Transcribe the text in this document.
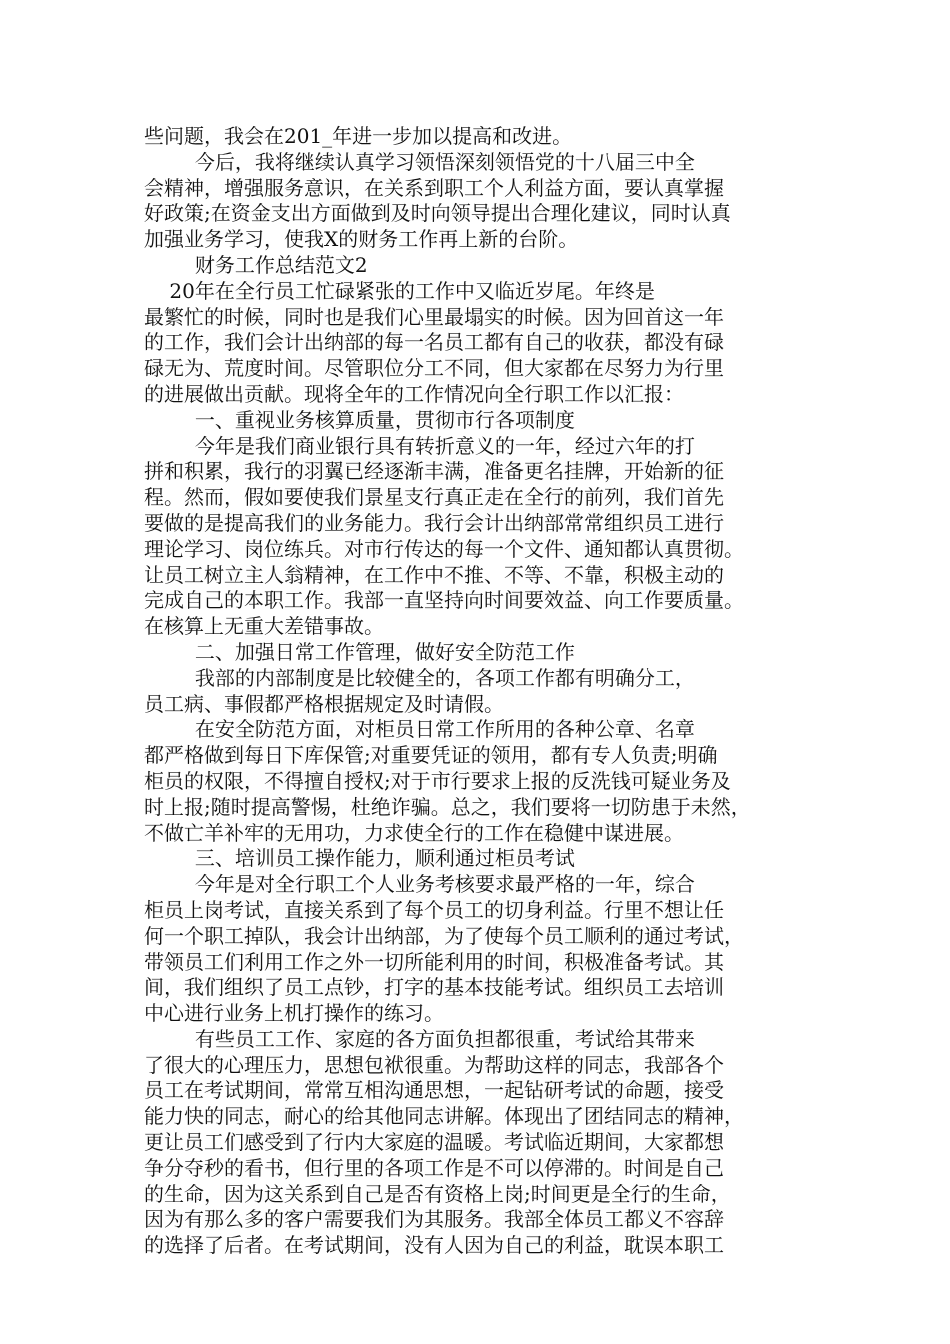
些问题，我会在201_年进一步加以提高和改进。
今后，我将继续认真学习领悟深刻领悟党的十八届三中全
会精神，增强服务意识，在关系到职工个人利益方面，要认真掌握
好政策;在资金支出方面做到及时向领导提出合理化建议，同时认真
加强业务学习，使我X的财务工作再上新的台阶。
财务工作总结范文2
20年在全行员工忙碌紧张的工作中又临近岁尾。年终是
最繁忙的时候，同时也是我们心里最塌实的时候。因为回首这一年
的工作，我们会计出纳部的每一名员工都有自己的收获，都没有碌
碌无为、荒度时间。尽管职位分工不同，但大家都在尽努力为行里
的进展做出贡献。现将全年的工作情况向全行职工作以汇报：
一、重视业务核算质量，贯彻市行各项制度
今年是我们商业银行具有转折意义的一年，经过六年的打
拼和积累，我行的羽翼已经逐渐丰满，准备更名挂牌，开始新的征
程。然而，假如要使我们景星支行真正走在全行的前列，我们首先
要做的是提高我们的业务能力。我行会计出纳部常常组织员工进行
理论学习、岗位练兵。对市行传达的每一个文件、通知都认真贯彻。
让员工树立主人翁精神，在工作中不推、不等、不靠，积极主动的
完成自己的本职工作。我部一直坚持向时间要效益、向工作要质量。
在核算上无重大差错事故。
二、加强日常工作管理，做好安全防范工作
我部的内部制度是比较健全的，各项工作都有明确分工，
员工病、事假都严格根据规定及时请假。
在安全防范方面，对柜员日常工作所用的各种公章、名章
都严格做到每日下库保管;对重要凭证的领用，都有专人负责;明确
柜员的权限，不得擅自授权;对于市行要求上报的反洗钱可疑业务及
时上报;随时提高警惕，杜绝诈骗。总之，我们要将一切防患于未然，
不做亡羊补牢的无用功，力求使全行的工作在稳健中谋进展。
三、培训员工操作能力，顺利通过柜员考试
今年是对全行职工个人业务考核要求最严格的一年，综合
柜员上岗考试，直接关系到了每个员工的切身利益。行里不想让任
何一个职工掉队，我会计出纳部，为了使每个员工顺利的通过考试，
带领员工们利用工作之外一切所能利用的时间，积极准备考试。其
间，我们组织了员工点钞，打字的基本技能考试。组织员工去培训
中心进行业务上机打操作的练习。
有些员工工作、家庭的各方面负担都很重，考试给其带来
了很大的心理压力，思想包袱很重。为帮助这样的同志，我部各个
员工在考试期间，常常互相沟通思想，一起钻研考试的命题，接受
能力快的同志，耐心的给其他同志讲解。体现出了团结同志的精神，
更让员工们感受到了行内大家庭的温暖。考试临近期间，大家都想
争分夺秒的看书，但行里的各项工作是不可以停滞的。时间是自己
的生命，因为这关系到自己是否有资格上岗;时间更是全行的生命，
因为有那么多的客户需要我们为其服务。我部全体员工都义不容辞
的选择了后者。在考试期间，没有人因为自己的利益，耽误本职工
